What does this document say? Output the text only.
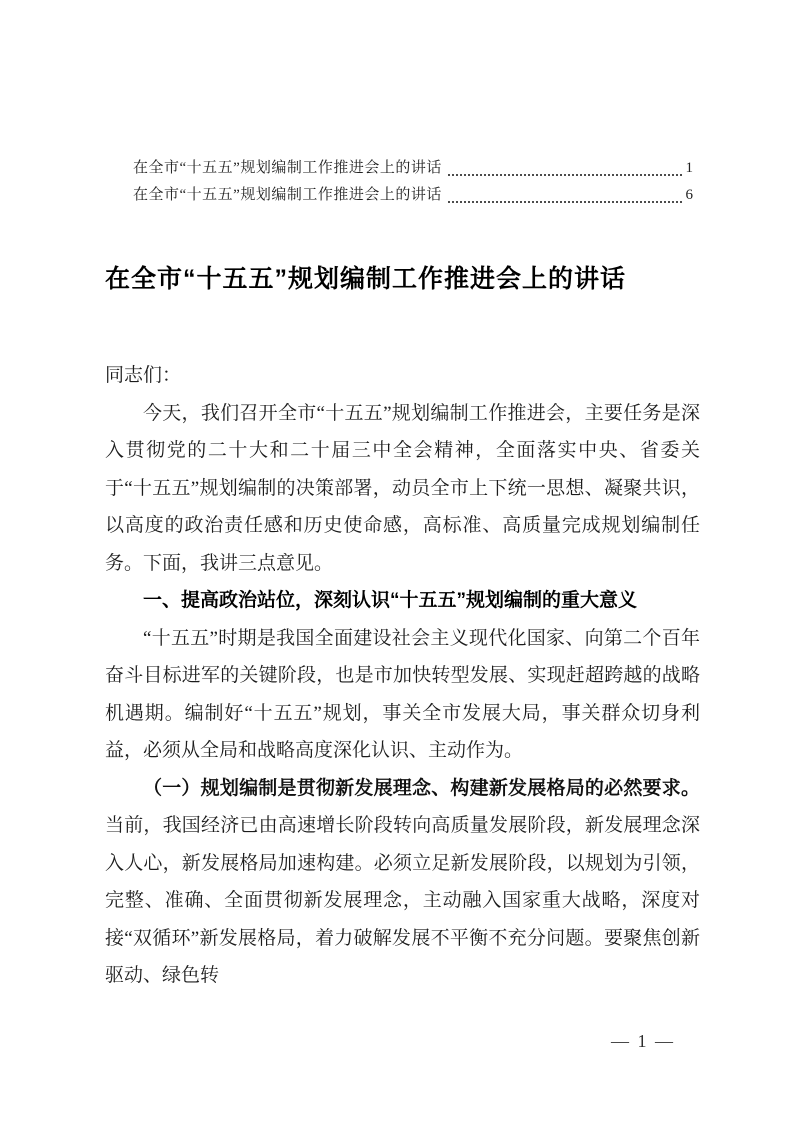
在全市“十五五”规划编制工作推进会上的讲话	1
在全市“十五五”规划编制工作推进会上的讲话	6
在全市“十五五”规划编制工作推进会上的讲话

同志们：

今天，我们召开全市“十五五”规划编制工作推进会，主要任务是深入贯彻党的二十大和二十届三中全会精神，全面落实中央、省委关于“十五五”规划编制的决策部署，动员全市上下统一思想、凝聚共识，以高度的政治责任感和历史使命感，高标准、高质量完成规划编制任务。下面，我讲三点意见。

一、提高政治站位，深刻认识“十五五”规划编制的重大意义

“十五五”时期是我国全面建设社会主义现代化国家、向第二个百年奋斗目标进军的关键阶段，也是市加快转型发展、实现赶超跨越的战略机遇期。编制好“十五五”规划，事关全市发展大局，事关群众切身利益，必须从全局和战略高度深化认识、主动作为。

（一）规划编制是贯彻新发展理念、构建新发展格局的必然要求。当前，我国经济已由高速增长阶段转向高质量发展阶段，新发展理念深入人心，新发展格局加速构建。必须立足新发展阶段，以规划为引领，完整、准确、全面贯彻新发展理念，主动融入国家重大战略，深度对接“双循环”新发展格局，着力破解发展不平衡不充分问题。要聚焦创新驱动、绿色转

— 1 —
